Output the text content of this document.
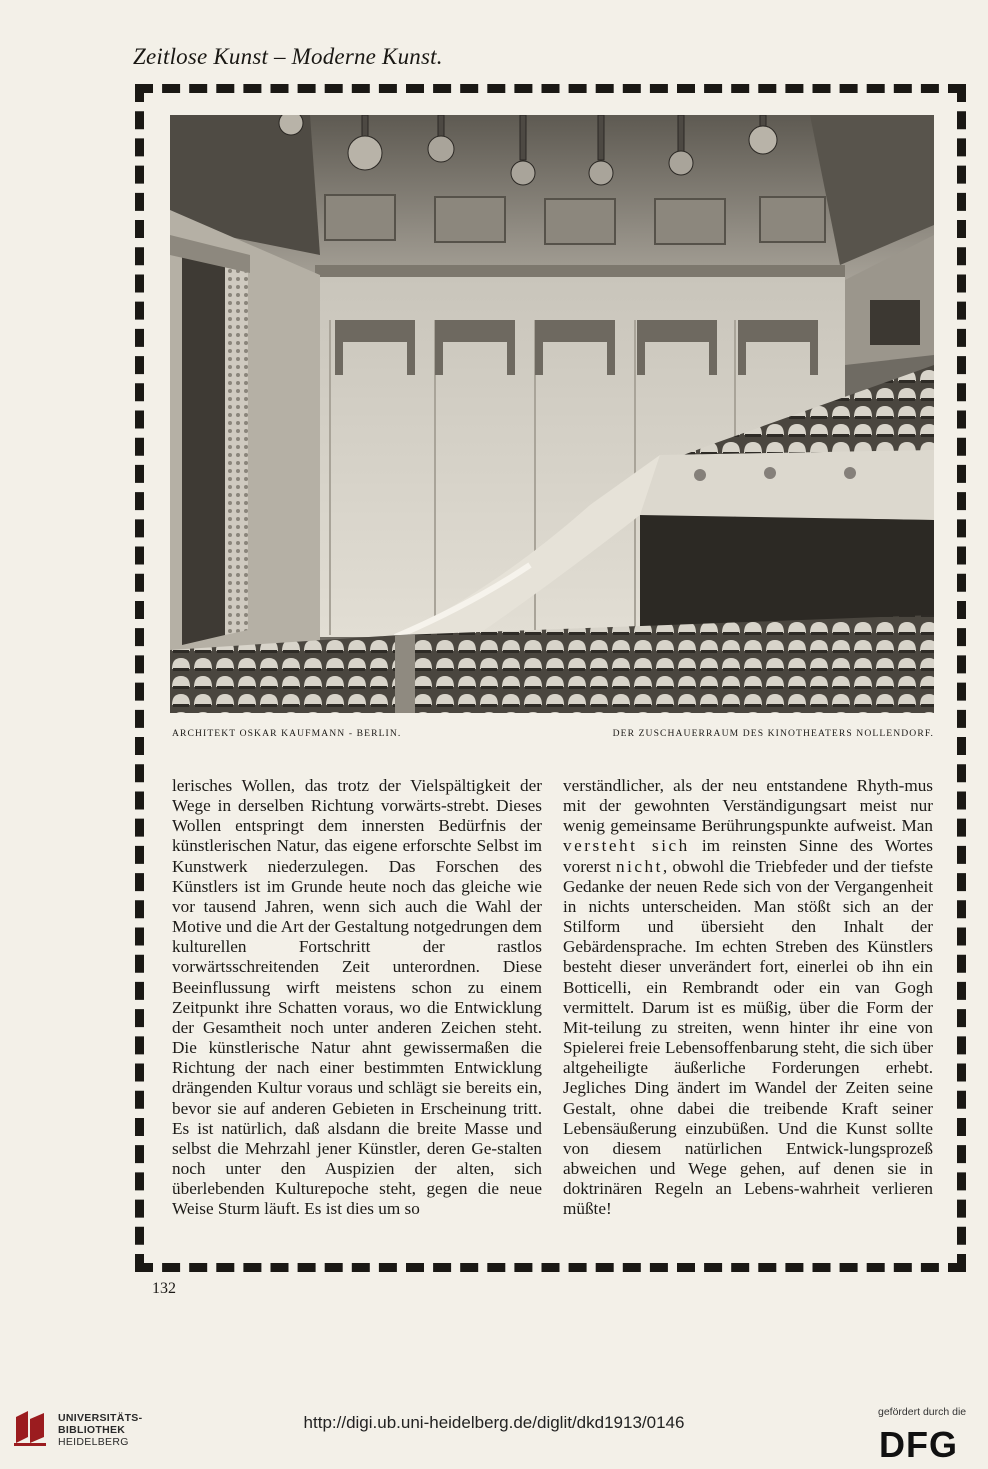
Zeitlose Kunst – Moderne Kunst.
ARCHITEKT OSKAR KAUFMANN - BERLIN.	DER ZUSCHAUERRAUM DES KINOTHEATERS NOLLENDORF.

lerisches Wollen, das trotz der Vielspältigkeit der Wege in derselben Richtung vorwärts-strebt. Dieses Wollen entspringt dem innersten Bedürfnis der künstlerischen Natur, das eigene erforschte Selbst im Kunstwerk niederzulegen. Das Forschen des Künstlers ist im Grunde heute noch das gleiche wie vor tausend Jahren, wenn sich auch die Wahl der Motive und die Art der Gestaltung notgedrungen dem kulturellen Fortschritt der rastlos vorwärtsschreitenden Zeit unterordnen. Diese Beeinflussung wirft meistens schon zu einem Zeitpunkt ihre Schatten voraus, wo die Entwicklung der Gesamtheit noch unter anderen Zeichen steht. Die künstlerische Natur ahnt gewissermaßen die Richtung der nach einer bestimmten Entwicklung drängenden Kultur voraus und schlägt sie bereits ein, bevor sie auf anderen Gebieten in Erscheinung tritt. Es ist natürlich, daß alsdann die breite Masse und selbst die Mehrzahl jener Künstler, deren Ge-stalten noch unter den Auspizien der alten, sich überlebenden Kulturepoche steht, gegen die neue Weise Sturm läuft. Es ist dies um so

verständlicher, als der neu entstandene Rhyth-mus mit der gewohnten Verständigungsart meist nur wenig gemeinsame Berührungspunkte aufweist. Man versteht sich im reinsten Sinne des Wortes vorerst nicht, obwohl die Triebfeder und der tiefste Gedanke der neuen Rede sich von der Vergangenheit in nichts unterscheiden. Man stößt sich an der Stilform und übersieht den Inhalt der Gebärdensprache. Im echten Streben des Künstlers besteht dieser unverändert fort, einerlei ob ihn ein Botticelli, ein Rembrandt oder ein van Gogh vermittelt. Darum ist es müßig, über die Form der Mit-teilung zu streiten, wenn hinter ihr eine von Spielerei freie Lebensoffenbarung steht, die sich über altgeheiligte äußerliche Forderungen erhebt. Jegliches Ding ändert im Wandel der Zeiten seine Gestalt, ohne dabei die treibende Kraft seiner Lebensäußerung einzubüßen. Und die Kunst sollte von diesem natürlichen Entwick-lungsprozeß abweichen und Wege gehen, auf denen sie in doktrinären Regeln an Lebens-wahrheit verlieren müßte!

132
UNIVERSITÄTS-
BIBLIOTHEK
HEIDELBERG
http://digi.ub.uni-heidelberg.de/diglit/dkd1913/0146
gefördert durch die
DFG
